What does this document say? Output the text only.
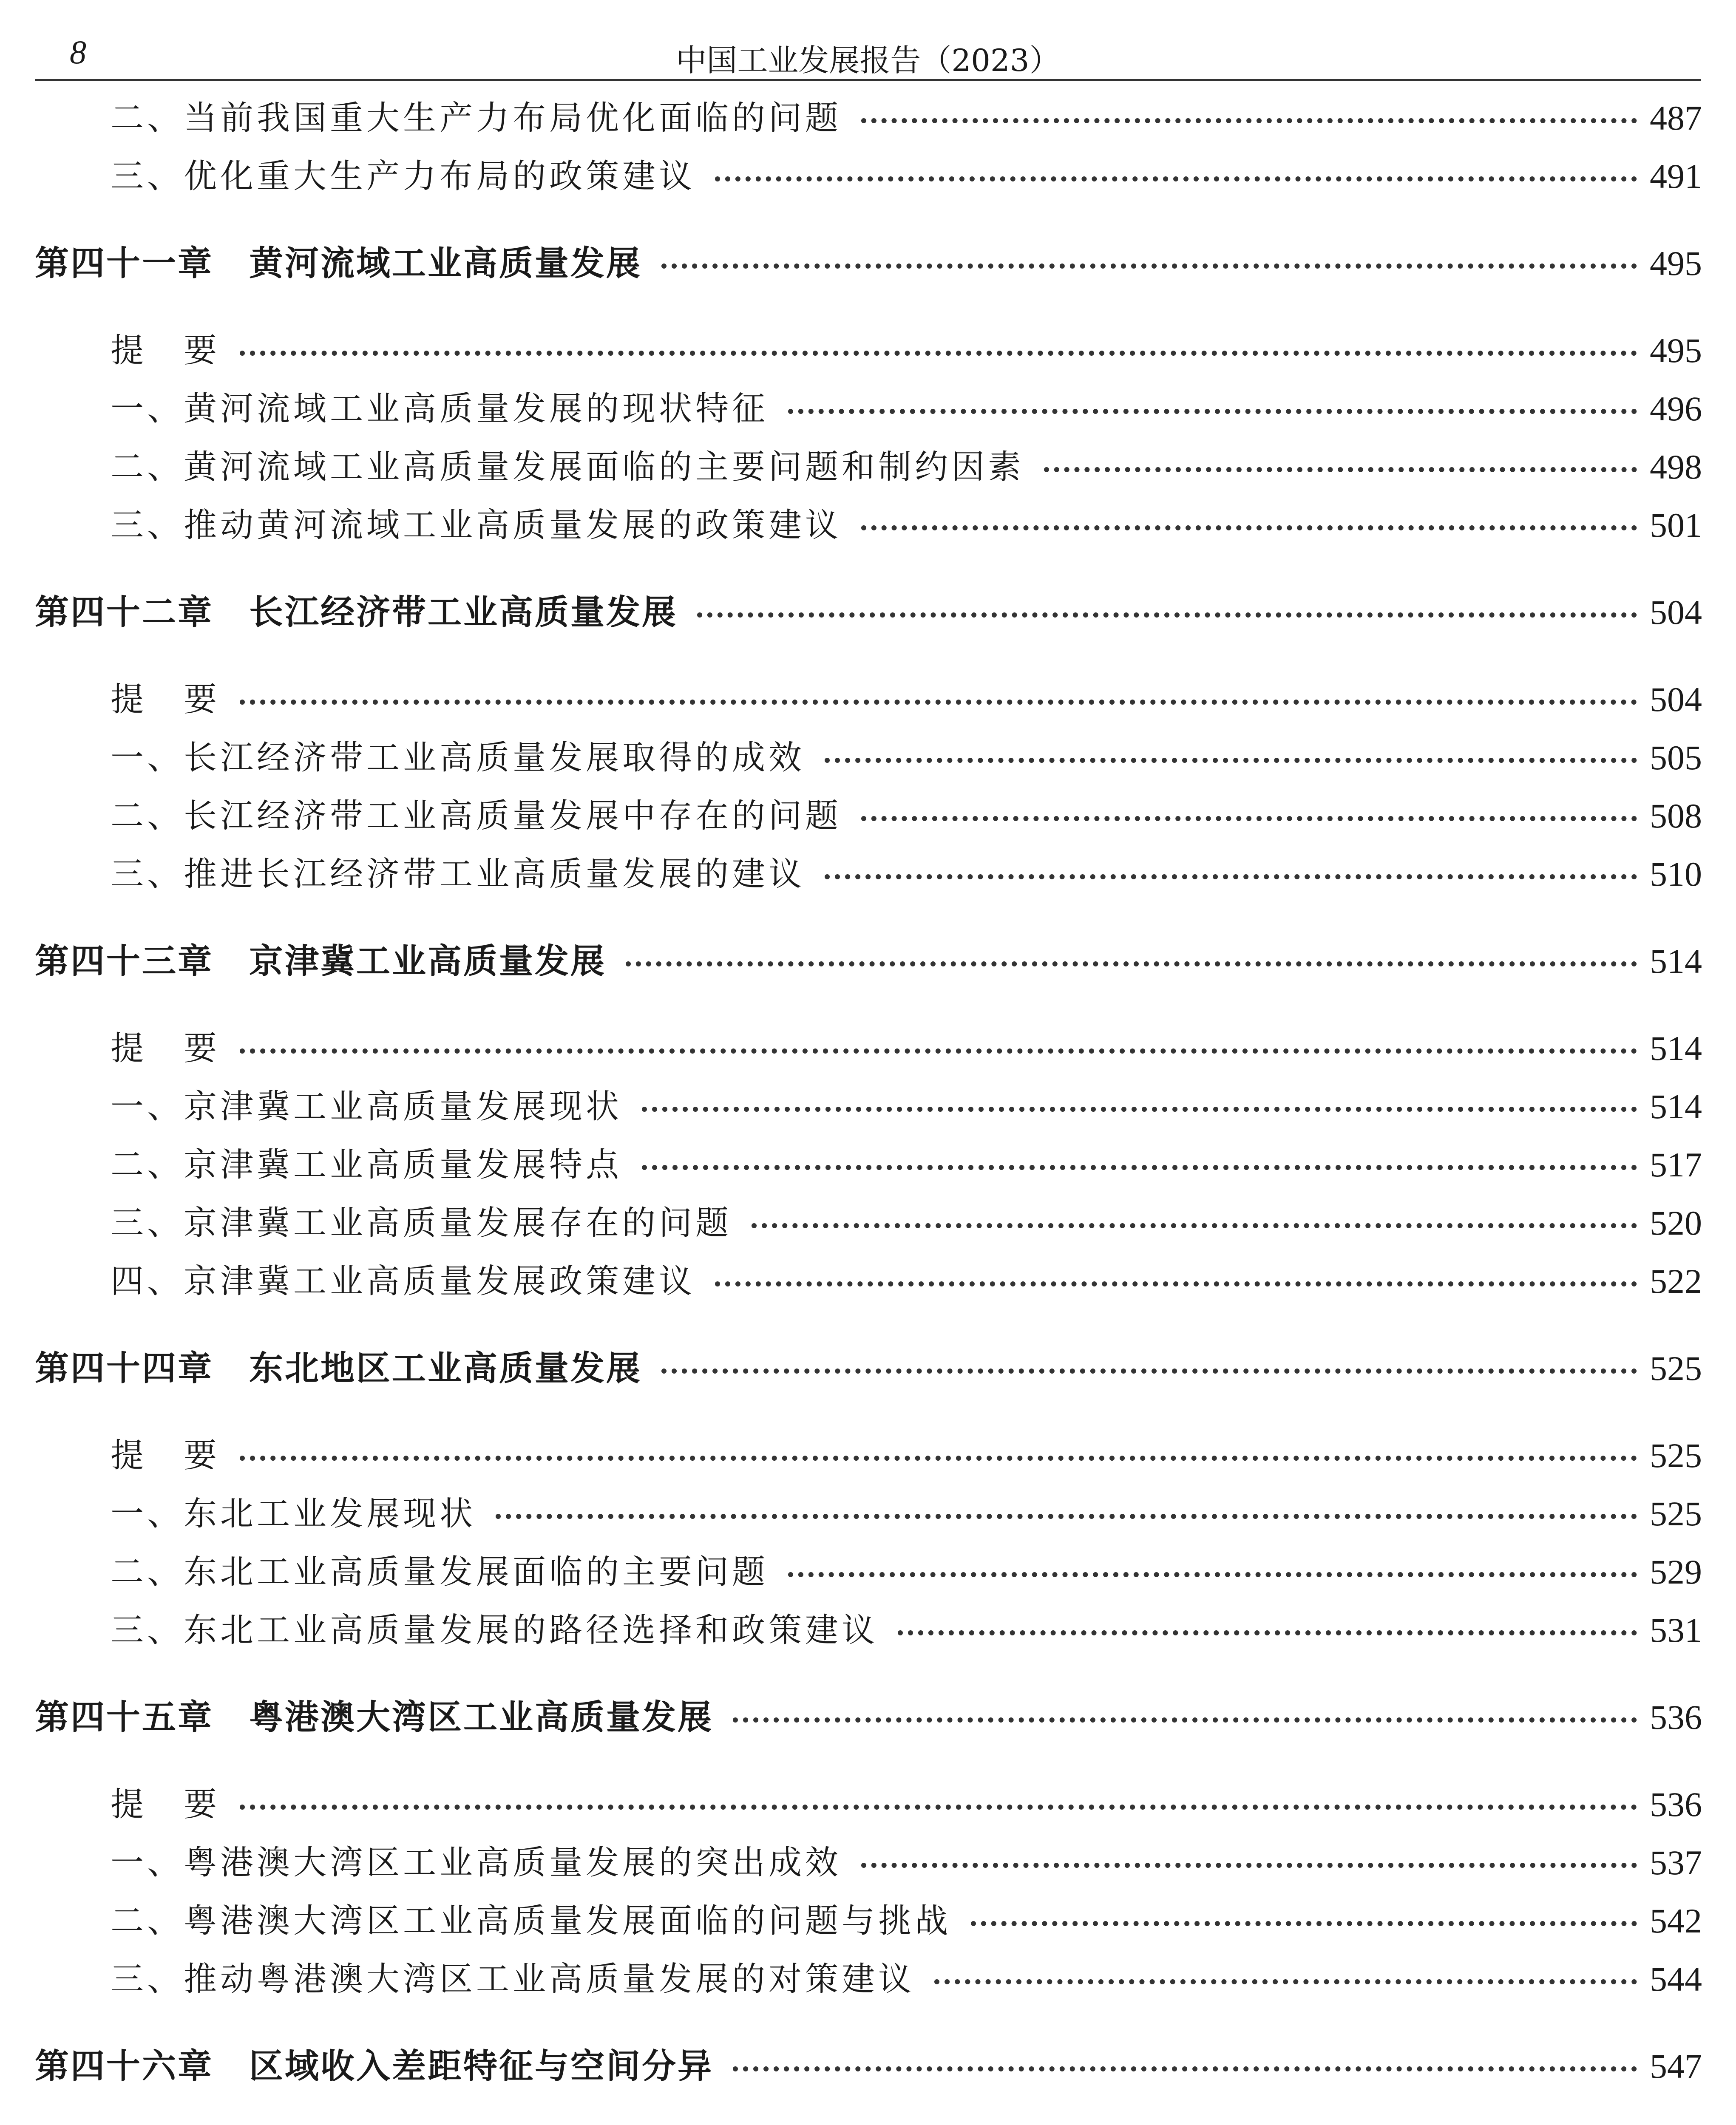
8	中国工业发展报告（2023）
二、当前我国重大生产力布局优化面临的问题	487
三、优化重大生产力布局的政策建议	491
第四十一章 黄河流域工业高质量发展	495
提　要	495
一、黄河流域工业高质量发展的现状特征	496
二、黄河流域工业高质量发展面临的主要问题和制约因素	498
三、推动黄河流域工业高质量发展的政策建议	501
第四十二章 长江经济带工业高质量发展	504
提　要	504
一、长江经济带工业高质量发展取得的成效	505
二、长江经济带工业高质量发展中存在的问题	508
三、推进长江经济带工业高质量发展的建议	510
第四十三章 京津冀工业高质量发展	514
提　要	514
一、京津冀工业高质量发展现状	514
二、京津冀工业高质量发展特点	517
三、京津冀工业高质量发展存在的问题	520
四、京津冀工业高质量发展政策建议	522
第四十四章 东北地区工业高质量发展	525
提　要	525
一、东北工业发展现状	525
二、东北工业高质量发展面临的主要问题	529
三、东北工业高质量发展的路径选择和政策建议	531
第四十五章 粤港澳大湾区工业高质量发展	536
提　要	536
一、粤港澳大湾区工业高质量发展的突出成效	537
二、粤港澳大湾区工业高质量发展面临的问题与挑战	542
三、推动粤港澳大湾区工业高质量发展的对策建议	544
第四十六章 区域收入差距特征与空间分异	547
